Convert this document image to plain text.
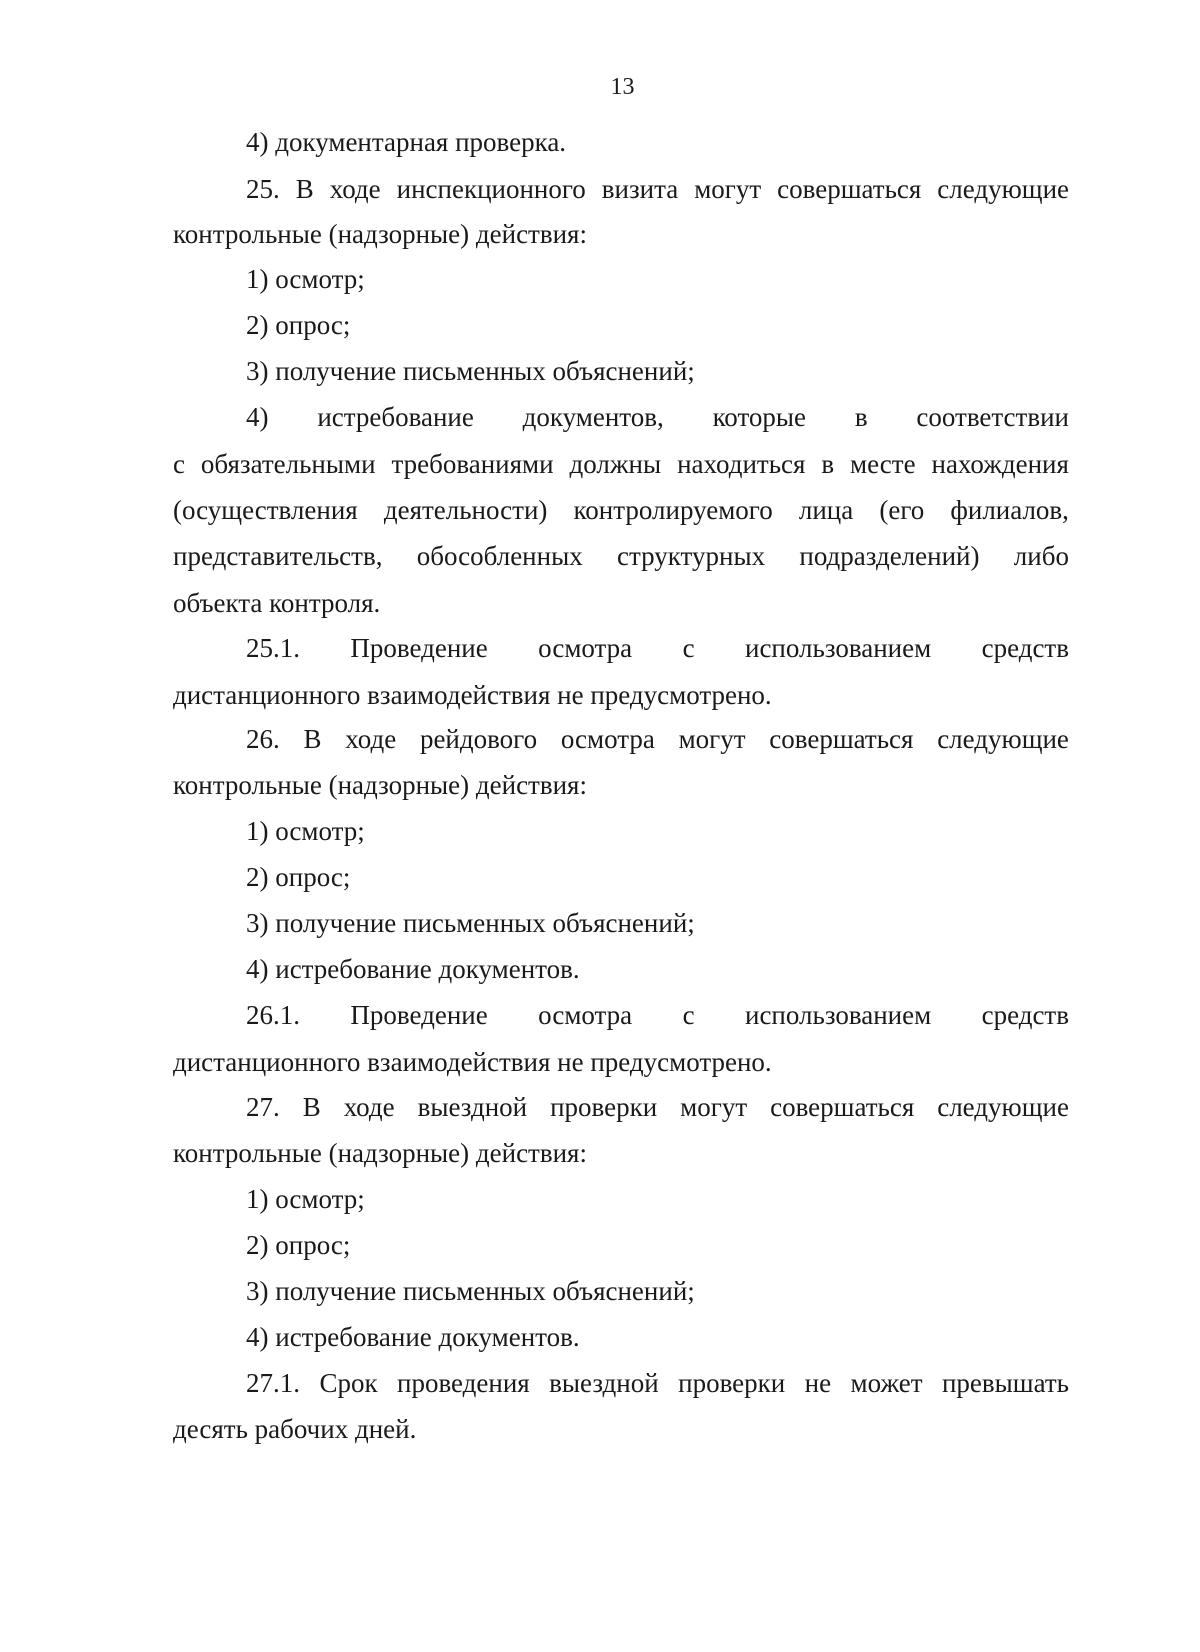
13
4) документарная проверка.
25. В ходе инспекционного визита могут совершаться следующие
контрольные (надзорные) действия:
1) осмотр;
2) опрос;
3) получение письменных объяснений;
4) истребование документов, которые в соответствии
с обязательными требованиями должны находиться в месте нахождения
(осуществления деятельности) контролируемого лица (его филиалов,
представительств, обособленных структурных подразделений) либо
объекта контроля.
25.1. Проведение осмотра с использованием средств
дистанционного взаимодействия не предусмотрено.
26. В ходе рейдового осмотра могут совершаться следующие
контрольные (надзорные) действия:
1) осмотр;
2) опрос;
3) получение письменных объяснений;
4) истребование документов.
26.1. Проведение осмотра с использованием средств
дистанционного взаимодействия не предусмотрено.
27. В ходе выездной проверки могут совершаться следующие
контрольные (надзорные) действия:
1) осмотр;
2) опрос;
3) получение письменных объяснений;
4) истребование документов.
27.1. Срок проведения выездной проверки не может превышать
десять рабочих дней.
